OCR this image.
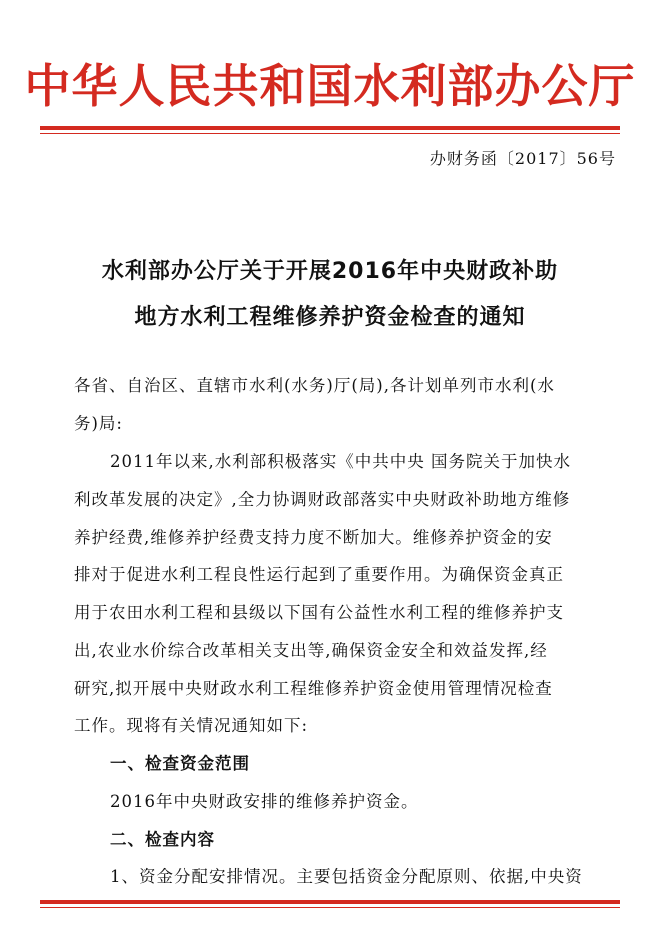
中华人民共和国水利部办公厅
办财务函〔2017〕56号
水利部办公厅关于开展2016年中央财政补助
地方水利工程维修养护资金检查的通知
各省、自治区、直辖市水利(水务)厅(局),各计划单列市水利(水
务)局:
2011年以来,水利部积极落实《中共中央 国务院关于加快水
利改革发展的决定》,全力协调财政部落实中央财政补助地方维修
养护经费,维修养护经费支持力度不断加大。维修养护资金的安
排对于促进水利工程良性运行起到了重要作用。为确保资金真正
用于农田水利工程和县级以下国有公益性水利工程的维修养护支
出,农业水价综合改革相关支出等,确保资金安全和效益发挥,经
研究,拟开展中央财政水利工程维修养护资金使用管理情况检查
工作。现将有关情况通知如下:
一、检查资金范围
2016年中央财政安排的维修养护资金。
二、检查内容
1、资金分配安排情况。主要包括资金分配原则、依据,中央资
